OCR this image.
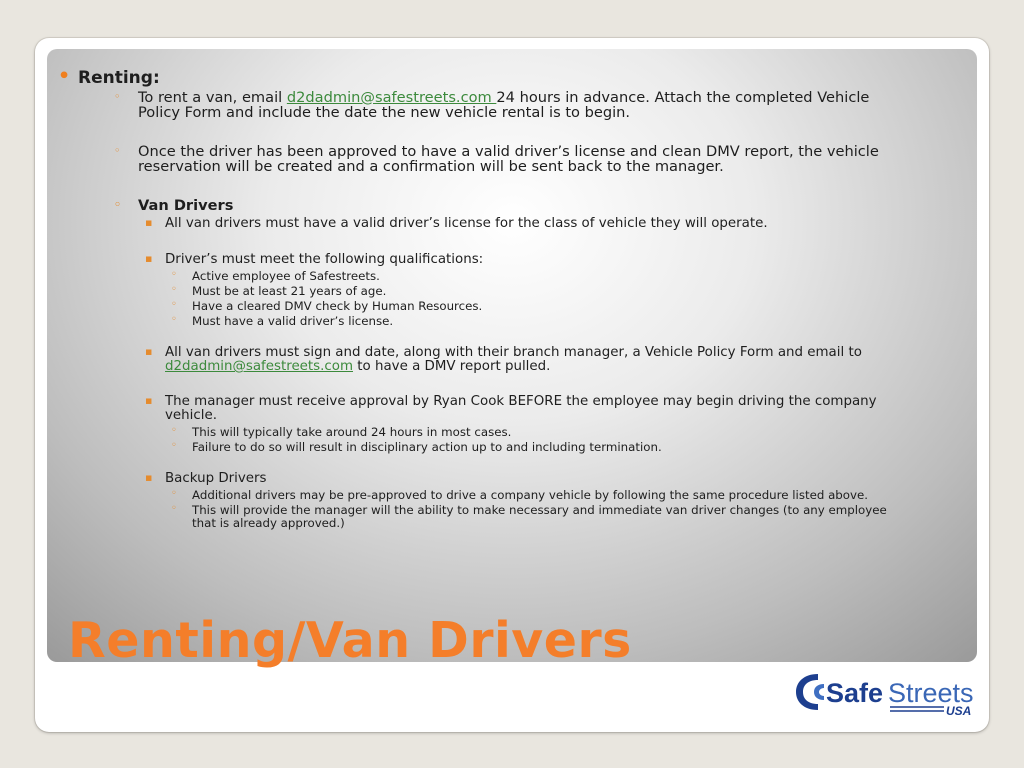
• Renting:
◦ To rent a van, email d2dadmin@safestreets.com 24 hours in advance. Attach the completed Vehicle
Policy Form and include the date the new vehicle rental is to begin.
◦ Once the driver has been approved to have a valid driver’s license and clean DMV report, the vehicle
reservation will be created and a confirmation will be sent back to the manager.
◦ Van Drivers
▪ All van drivers must have a valid driver’s license for the class of vehicle they will operate.
▪ Driver’s must meet the following qualifications:
◦ Active employee of Safestreets.
◦ Must be at least 21 years of age.
◦ Have a cleared DMV check by Human Resources.
◦ Must have a valid driver’s license.
▪ All van drivers must sign and date, along with their branch manager, a Vehicle Policy Form and email to
d2dadmin@safestreets.com to have a DMV report pulled.
▪ The manager must receive approval by Ryan Cook BEFORE the employee may begin driving the company
vehicle.
◦ This will typically take around 24 hours in most cases.
◦ Failure to do so will result in disciplinary action up to and including termination.
▪ Backup Drivers
◦ Additional drivers may be pre-approved to drive a company vehicle by following the same procedure listed above.
◦ This will provide the manager will the ability to make necessary and immediate van driver changes (to any employee
that is already approved.)
Renting/Van Drivers
Safe Streets
USA
